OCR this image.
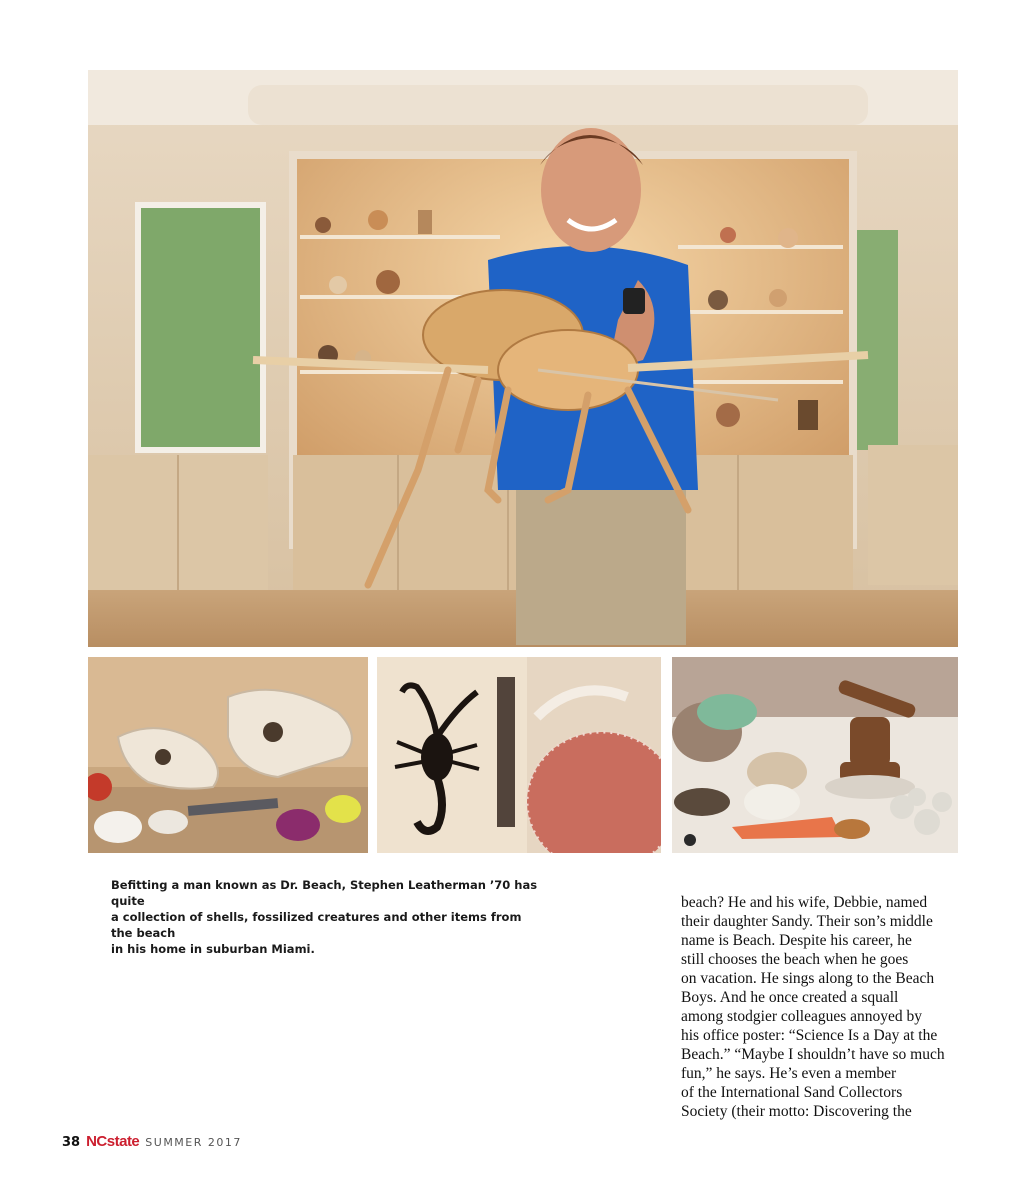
Befitting a man known as Dr. Beach, Stephen Leatherman ’70 has quite

a collection of shells, fossilized creatures and other items from the beach

in his home in suburban Miami.

beach? He and his wife, Debbie, named
their daughter Sandy. Their son’s middle
name is Beach. Despite his career, he
still chooses the beach when he goes
on vacation. He sings along to the Beach
Boys. And he once created a squall
among stodgier colleagues annoyed by
his office poster: “Science Is a Day at the
Beach.” “Maybe I shouldn’t have so much
fun,” he says. He’s even a member
of the International Sand Collectors
Society (their motto: Discovering the
38 NCstate SUMMER 2017
